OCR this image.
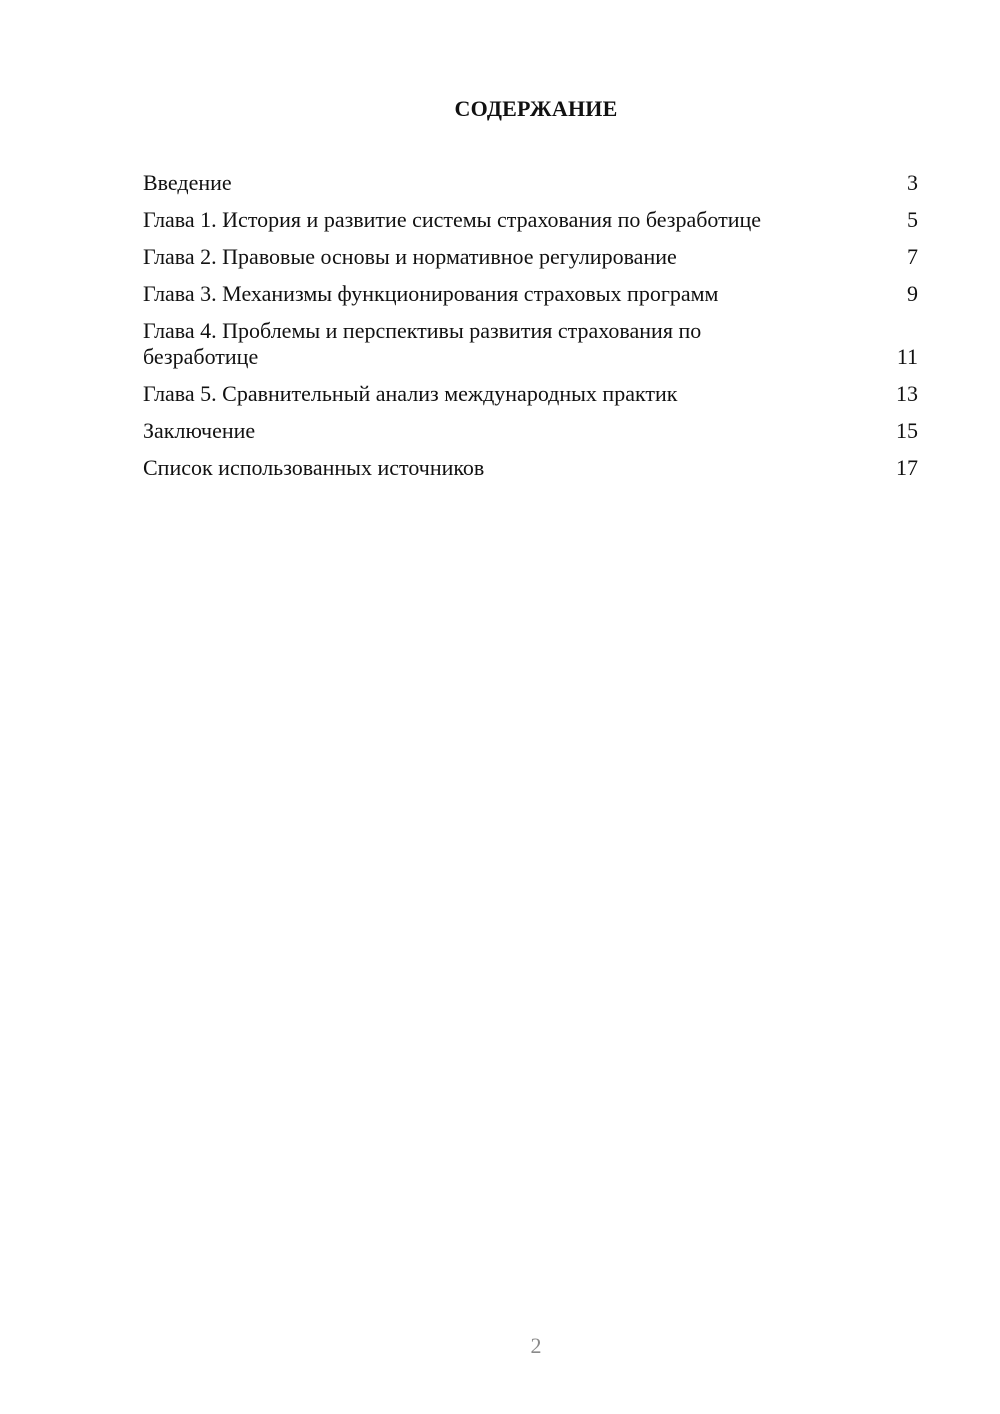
СОДЕРЖАНИЕ
Введение	3
Глава 1. История и развитие системы страхования по безработице	5
Глава 2. Правовые основы и нормативное регулирование	7
Глава 3. Механизмы функционирования страховых программ	9
Глава 4. Проблемы и перспективы развития страхования по безработице	11
Глава 5. Сравнительный анализ международных практик	13
Заключение	15
Список использованных источников	17
2
